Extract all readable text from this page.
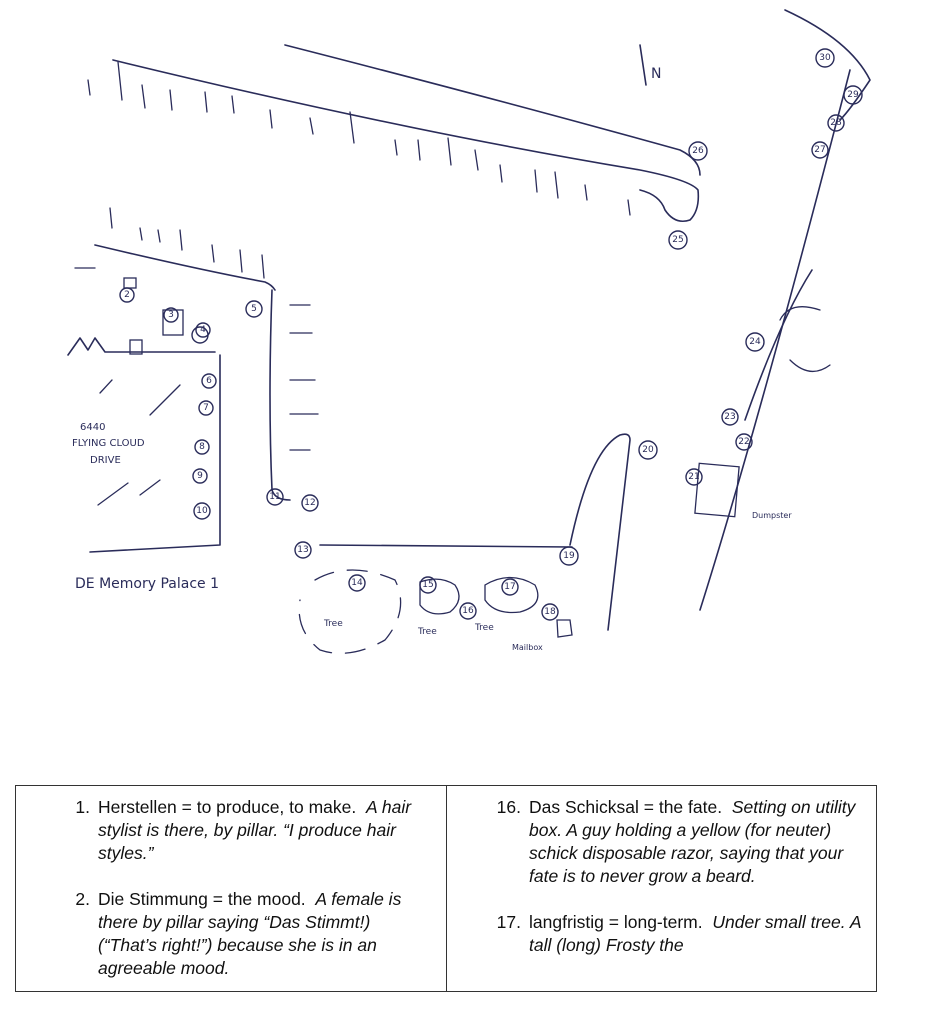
N
6440
FLYING CLOUD
DRIVE
DE Memory Palace 1
Tree
Tree	Tree
Mailbox
Dumpster
2
3
4
5
6
7
8
9
10
11
12
13
14	15
16
17
18
19
20
21
22
23
24
25
26	27
28
29
30
1. Herstellen = to produce, to make. A hair stylist is there, by pillar. “I produce hair styles.”
2. Die Stimmung = the mood. A female is there by pillar saying “Das Stimmt!) (“That’s right!”) because she is in an agreeable mood.
16. Das Schicksal = the fate. Setting on utility box. A guy holding a yellow (for neuter) schick disposable razor, saying that your fate is to never grow a beard.
17. langfristig = long-term. Under small tree. A tall (long) Frosty the
